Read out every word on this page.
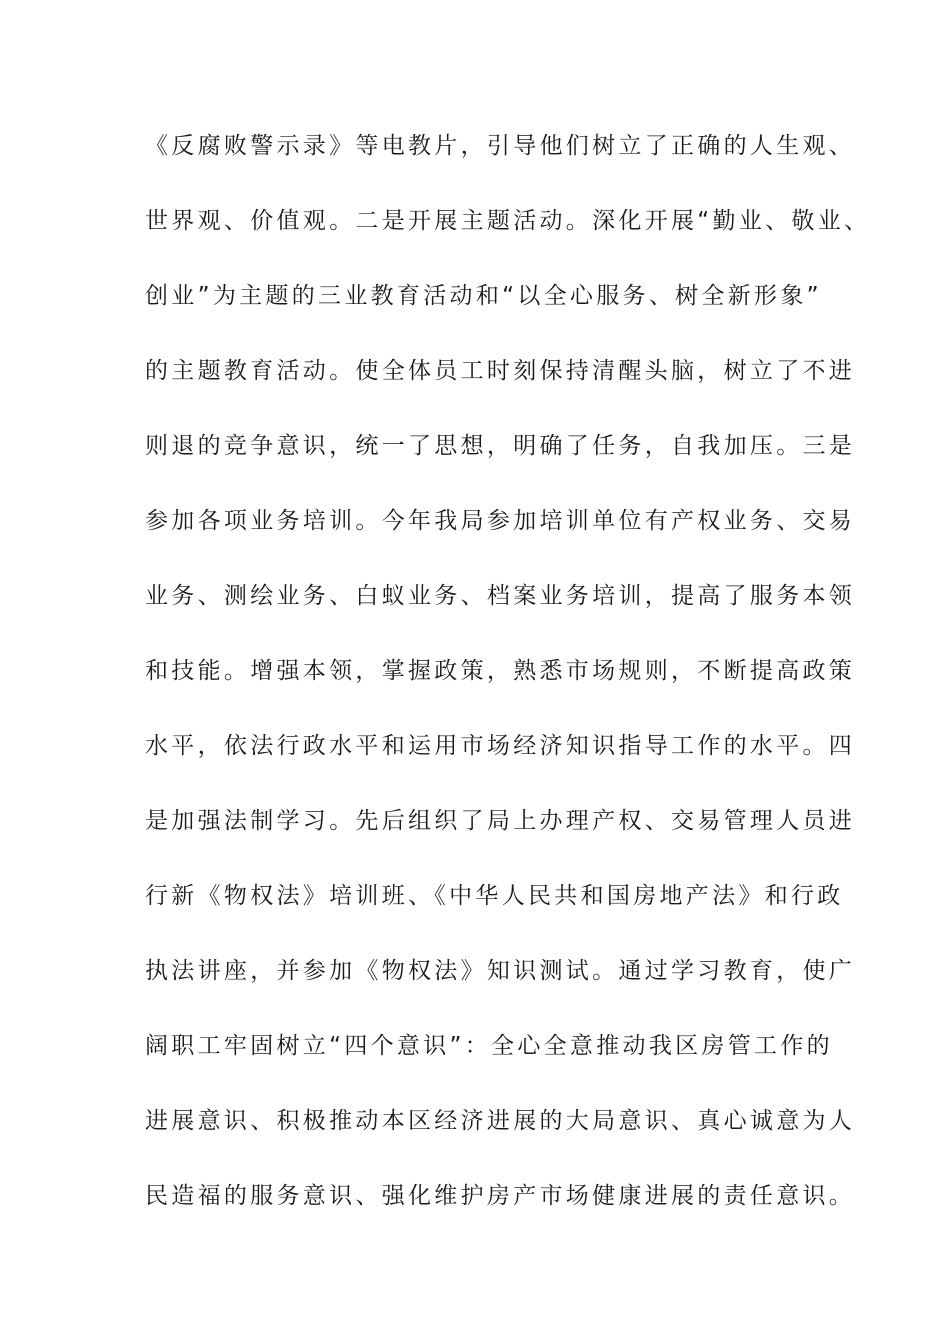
《反腐败警示录》等电教片，引导他们树立了正确的人生观、
世界观、价值观。二是开展主题活动。深化开展“勤业、敬业、
创业”为主题的三业教育活动和“以全心服务、树全新形象”
的主题教育活动。使全体员工时刻保持清醒头脑，树立了不进
则退的竞争意识，统一了思想，明确了任务，自我加压。三是
参加各项业务培训。今年我局参加培训单位有产权业务、交易
业务、测绘业务、白蚁业务、档案业务培训，提高了服务本领
和技能。增强本领，掌握政策，熟悉市场规则，不断提高政策
水平，依法行政水平和运用市场经济知识指导工作的水平。四
是加强法制学习。先后组织了局上办理产权、交易管理人员进
行新《物权法》培训班、《中华人民共和国房地产法》和行政
执法讲座，并参加《物权法》知识测试。通过学习教育，使广
阔职工牢固树立“四个意识”：全心全意推动我区房管工作的
进展意识、积极推动本区经济进展的大局意识、真心诚意为人
民造福的服务意识、强化维护房产市场健康进展的责任意识。
